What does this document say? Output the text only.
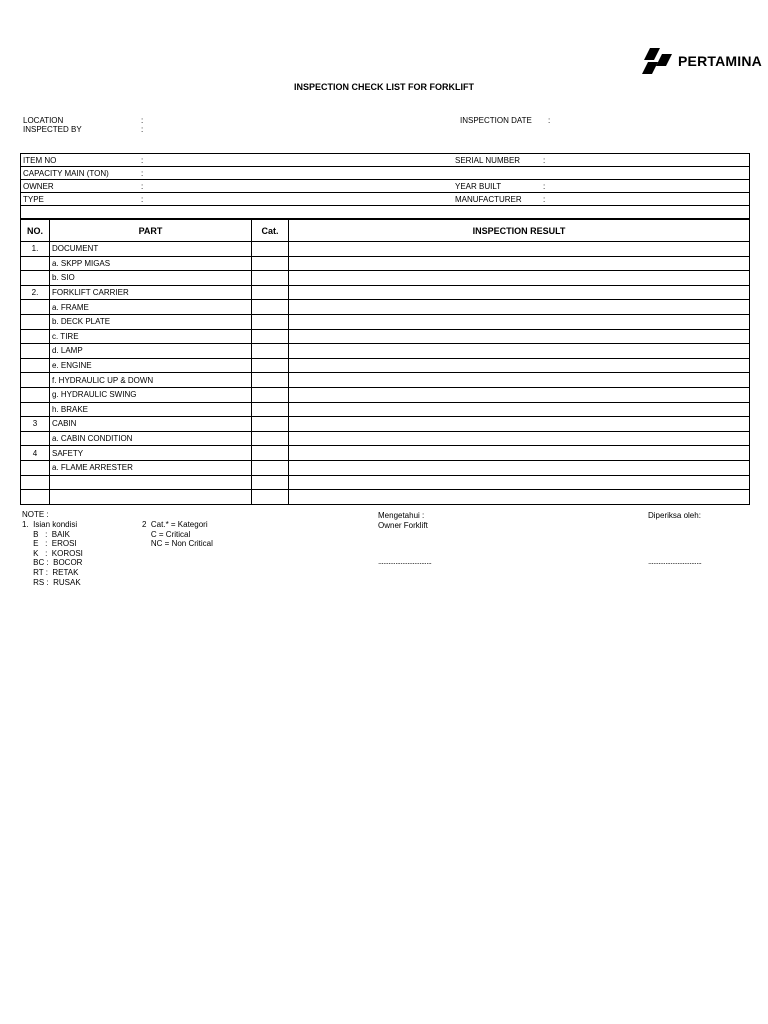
PERTAMINA
INSPECTION CHECK LIST FOR FORKLIFT
LOCATION	:
INSPECTED BY	:
INSPECTION DATE :
ITEM NO	:	SERIAL NUMBER	:
CAPACITY MAIN (TON)	:		
OWNER	:	YEAR BUILT	:
TYPE	:	MANUFACTURER	:

NO.	PART	Cat.	INSPECTION RESULT
1.	DOCUMENT		
	a. SKPP MIGAS		
	b. SIO		
2.	FORKLIFT CARRIER		
	a. FRAME		
	b. DECK PLATE		
	c. TIRE		
	d. LAMP		
	e. ENGINE		
	f. HYDRAULIC UP & DOWN		
	g. HYDRAULIC SWING		
	h. BRAKE		
3	CABIN		
	a. CABIN CONDITION		
4	SAFETY		
	a. FLAME ARRESTER		

NOTE :
1.  Isian kondisi
B   :  BAIK
E   :  EROSI
K   :  KOROSI
BC :  BOCOR
RT :  RETAK
RS :  RUSAK
2  Cat.* = Kategori
C = Critical
NC = Non Critical
Mengetahui :
Owner Forklift
Diperiksa oleh:
...............................	...............................
